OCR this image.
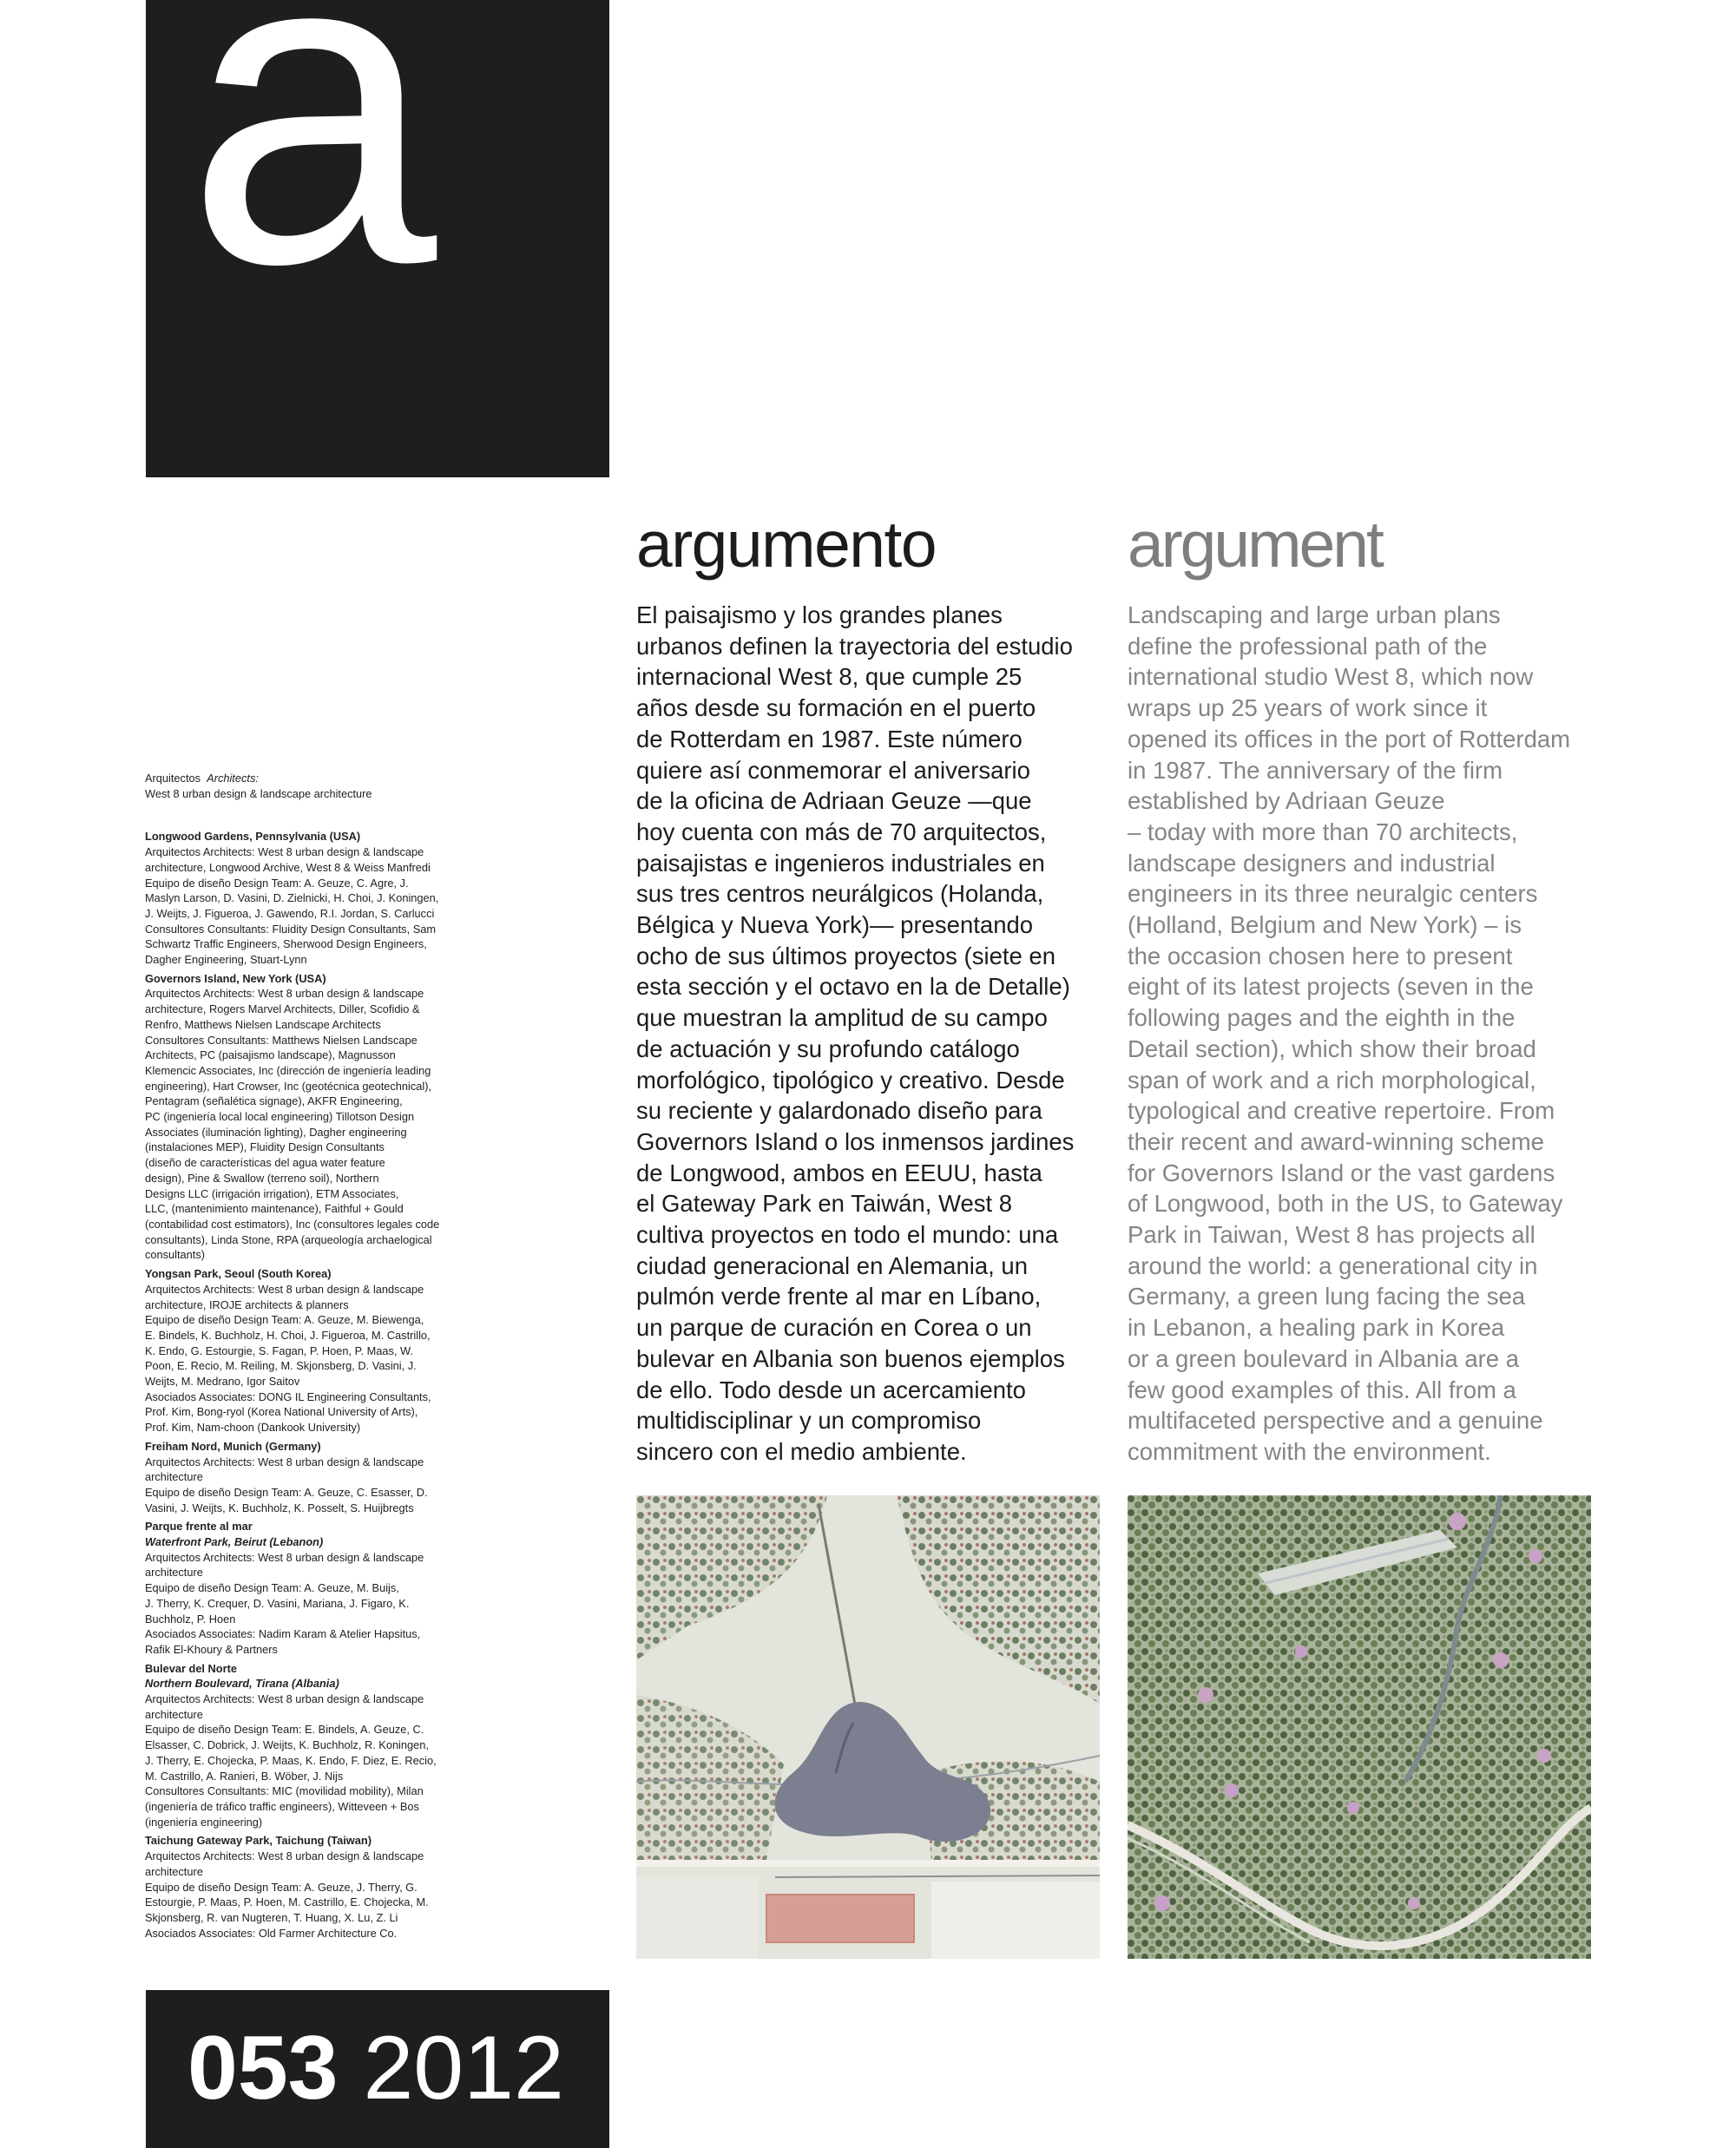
a
Arquitectos Architects:
West 8 urban design & landscape architecture
Longwood Gardens, Pennsylvania (USA)
Arquitectos Architects: West 8 urban design & landscape
architecture, Longwood Archive, West 8 & Weiss Manfredi
Equipo de diseño Design Team: A. Geuze, C. Agre, J.
Maslyn Larson, D. Vasini, D. Zielnicki, H. Choi, J. Koningen,
J. Weijts, J. Figueroa, J. Gawendo, R.I. Jordan, S. Carlucci
Consultores Consultants: Fluidity Design Consultants, Sam
Schwartz Traffic Engineers, Sherwood Design Engineers,
Dagher Engineering, Stuart-Lynn
Governors Island, New York (USA)
Arquitectos Architects: West 8 urban design & landscape
architecture, Rogers Marvel Architects, Diller, Scofidio &
Renfro, Matthews Nielsen Landscape Architects
Consultores Consultants: Matthews Nielsen Landscape
Architects, PC (paisajismo landscape), Magnusson
Klemencic Associates, Inc (dirección de ingeniería leading
engineering), Hart Crowser, Inc (geotécnica geotechnical),
Pentagram (señalética signage), AKFR Engineering,
PC (ingeniería local local engineering) Tillotson Design
Associates (iluminación lighting), Dagher engineering
(instalaciones MEP), Fluidity Design Consultants
(diseño de características del agua water feature
design), Pine & Swallow (terreno soil), Northern
Designs LLC (irrigación irrigation), ETM Associates,
LLC, (mantenimiento maintenance), Faithful + Gould
(contabilidad cost estimators), Inc (consultores legales code
consultants), Linda Stone, RPA (arqueología archaelogical
consultants)
Yongsan Park, Seoul (South Korea)
Arquitectos Architects: West 8 urban design & landscape
architecture, IROJE architects & planners
Equipo de diseño Design Team: A. Geuze, M. Biewenga,
E. Bindels, K. Buchholz, H. Choi, J. Figueroa, M. Castrillo,
K. Endo, G. Estourgie, S. Fagan, P. Hoen, P. Maas, W.
Poon, E. Recio, M. Reiling, M. Skjonsberg, D. Vasini, J.
Weijts, M. Medrano, Igor Saitov
Asociados Associates: DONG IL Engineering Consultants,
Prof. Kim, Bong-ryol (Korea National University of Arts),
Prof. Kim, Nam-choon (Dankook University)
Freiham Nord, Munich (Germany)
Arquitectos Architects: West 8 urban design & landscape
architecture
Equipo de diseño Design Team: A. Geuze, C. Esasser, D.
Vasini, J. Weijts, K. Buchholz, K. Posselt, S. Huijbregts
Parque frente al mar
Waterfront Park, Beirut (Lebanon)
Arquitectos Architects: West 8 urban design & landscape
architecture
Equipo de diseño Design Team: A. Geuze, M. Buijs,
J. Therry, K. Crequer, D. Vasini, Mariana, J. Figaro, K.
Buchholz, P. Hoen
Asociados Associates: Nadim Karam & Atelier Hapsitus,
Rafik El-Khoury & Partners
Bulevar del Norte
Northern Boulevard, Tirana (Albania)
Arquitectos Architects: West 8 urban design & landscape
architecture
Equipo de diseño Design Team: E. Bindels, A. Geuze, C.
Elsasser, C. Dobrick, J. Weijts, K. Buchholz, R. Koningen,
J. Therry, E. Chojecka, P. Maas, K. Endo, F. Diez, E. Recio,
M. Castrillo, A. Ranieri, B. Wöber, J. Nijs
Consultores Consultants: MIC (movilidad mobility), Milan
(ingeniería de tráfico traffic engineers), Witteveen + Bos
(ingeniería engineering)
Taichung Gateway Park, Taichung (Taiwan)
Arquitectos Architects: West 8 urban design & landscape
architecture
Equipo de diseño Design Team: A. Geuze, J. Therry, G.
Estourgie, P. Maas, P. Hoen, M. Castrillo, E. Chojecka, M.
Skjonsberg, R. van Nugteren, T. Huang, X. Lu, Z. Li
Asociados Associates: Old Farmer Architecture Co.
argumento	argument
El paisajismo y los grandes planes
urbanos definen la trayectoria del estudio
internacional West 8, que cumple 25
años desde su formación en el puerto
de Rotterdam en 1987. Este número
quiere así conmemorar el aniversario
de la oficina de Adriaan Geuze —que
hoy cuenta con más de 70 arquitectos,
paisajistas e ingenieros industriales en
sus tres centros neurálgicos (Holanda,
Bélgica y Nueva York)— presentando
ocho de sus últimos proyectos (siete en
esta sección y el octavo en la de Detalle)
que muestran la amplitud de su campo
de actuación y su profundo catálogo
morfológico, tipológico y creativo. Desde
su reciente y galardonado diseño para
Governors Island o los inmensos jardines
de Longwood, ambos en EEUU, hasta
el Gateway Park en Taiwán, West 8
cultiva proyectos en todo el mundo: una
ciudad generacional en Alemania, un
pulmón verde frente al mar en Líbano,
un parque de curación en Corea o un
bulevar en Albania son buenos ejemplos
de ello. Todo desde un acercamiento
multidisciplinar y un compromiso
sincero con el medio ambiente.
Landscaping and large urban plans
define the professional path of the
international studio West 8, which now
wraps up 25 years of work since it
opened its offices in the port of Rotterdam
in 1987. The anniversary of the firm
established by Adriaan Geuze
– today with more than 70 architects,
landscape designers and industrial
engineers in its three neuralgic centers
(Holland, Belgium and New York) – is
the occasion chosen here to present
eight of its latest projects (seven in the
following pages and the eighth in the
Detail section), which show their broad
span of work and a rich morphological,
typological and creative repertoire. From
their recent and award-winning scheme
for Governors Island or the vast gardens
of Longwood, both in the US, to Gateway
Park in Taiwan, West 8 has projects all
around the world: a generational city in
Germany, a green lung facing the sea
in Lebanon, a healing park in Korea
or a green boulevard in Albania are a
few good examples of this. All from a
multifaceted perspective and a genuine
commitment with the environment.
053 2012
